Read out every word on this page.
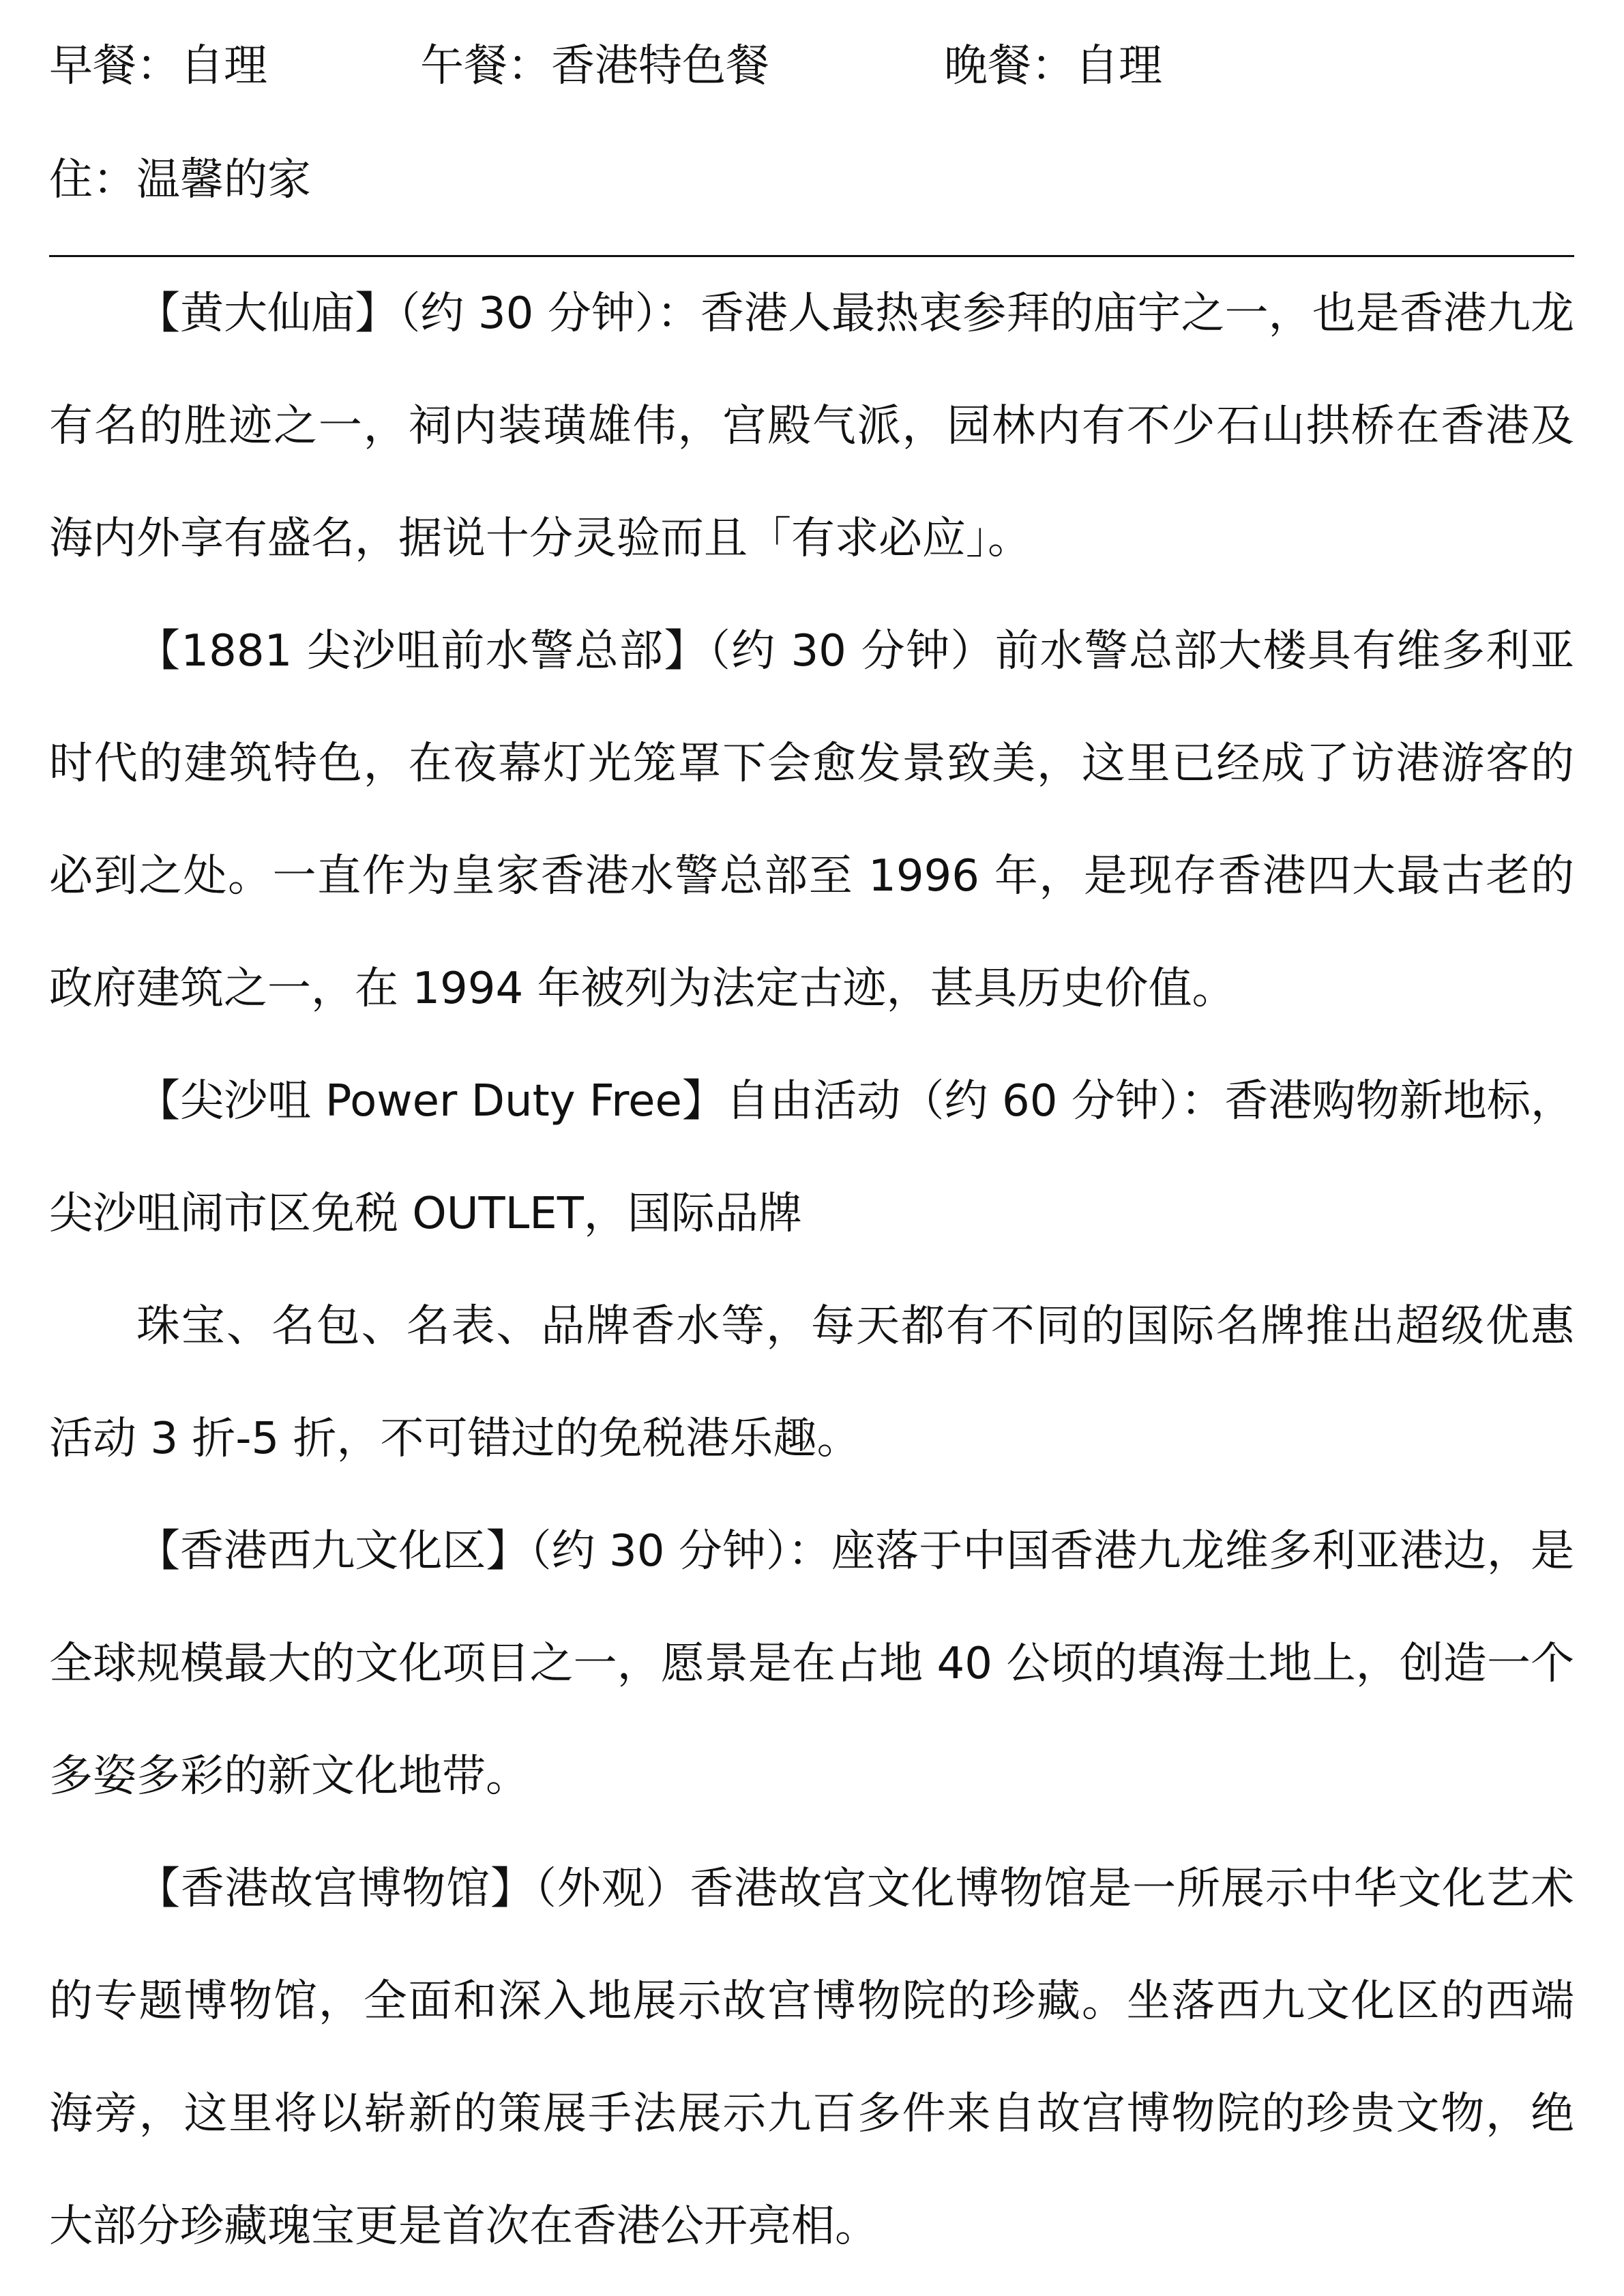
早餐：自理	午餐：香港特色餐	晚餐：自理
住：温馨的家

【黄大仙庙】（约 30 分钟）：香港人最热衷参拜的庙宇之一，也是香港九龙有名的胜迹之一，祠内装璜雄伟，宫殿气派，园林内有不少石山拱桥在香港及海内外享有盛名，据说十分灵验而且「有求必应」。

【1881 尖沙咀前水警总部】（约 30 分钟）前水警总部大楼具有维多利亚时代的建筑特色，在夜幕灯光笼罩下会愈发景致美，这里已经成了访港游客的必到之处。一直作为皇家香港水警总部至 1996 年，是现存香港四大最古老的政府建筑之一，在 1994 年被列为法定古迹，甚具历史价值。

【尖沙咀 Power Duty Free】自由活动（约 60 分钟）：香港购物新地标，尖沙咀闹市区免税 OUTLET，国际品牌

珠宝、名包、名表、品牌香水等，每天都有不同的国际名牌推出超级优惠活动 3 折-5 折，不可错过的免税港乐趣。

【香港西九文化区】（约 30 分钟）：座落于中国香港九龙维多利亚港边，是全球规模最大的文化项目之一，愿景是在占地 40 公顷的填海土地上，创造一个多姿多彩的新文化地带。

【香港故宫博物馆】（外观）香港故宫文化博物馆是一所展示中华文化艺术的专题博物馆，全面和深入地展示故宫博物院的珍藏。坐落西九文化区的西端海旁，这里将以崭新的策展手法展示九百多件来自故宫博物院的珍贵文物，绝大部分珍藏瑰宝更是首次在香港公开亮相。
